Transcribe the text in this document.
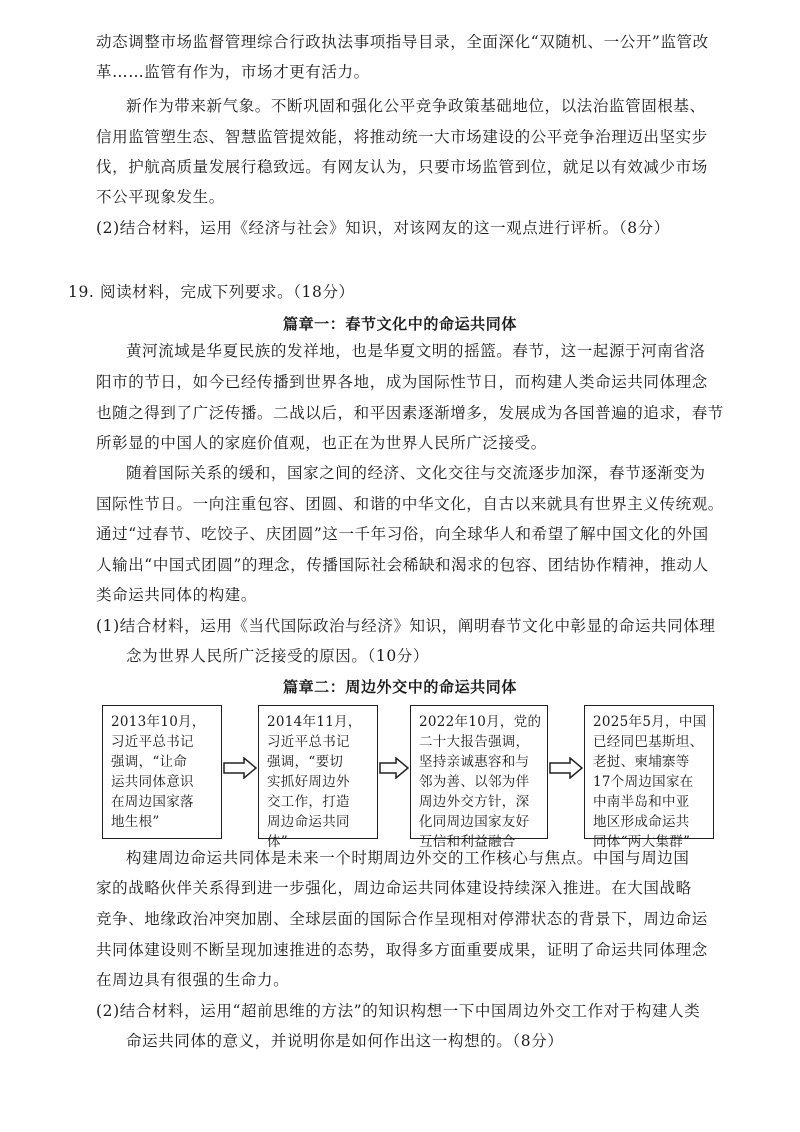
动态调整市场监督管理综合行政执法事项指导目录，全面深化“双随机、一公开”监管改
革……监管有作为，市场才更有活力。
新作为带来新气象。不断巩固和强化公平竞争政策基础地位，以法治监管固根基、
信用监管塑生态、智慧监管提效能，将推动统一大市场建设的公平竞争治理迈出坚实步
伐，护航高质量发展行稳致远。有网友认为，只要市场监管到位，就足以有效减少市场
不公平现象发生。
(2)结合材料，运用《经济与社会》知识，对该网友的这一观点进行评析。（8分）
19. 阅读材料，完成下列要求。（18分）
篇章一：春节文化中的命运共同体
黄河流域是华夏民族的发祥地，也是华夏文明的摇篮。春节，这一起源于河南省洛
阳市的节日，如今已经传播到世界各地，成为国际性节日，而构建人类命运共同体理念
也随之得到了广泛传播。二战以后，和平因素逐渐增多，发展成为各国普遍的追求，春节
所彰显的中国人的家庭价值观，也正在为世界人民所广泛接受。
随着国际关系的缓和，国家之间的经济、文化交往与交流逐步加深，春节逐渐变为
国际性节日。一向注重包容、团圆、和谐的中华文化，自古以来就具有世界主义传统观。
通过“过春节、吃饺子、庆团圆”这一千年习俗，向全球华人和希望了解中国文化的外国
人输出“中国式团圆”的理念，传播国际社会稀缺和渴求的包容、团结协作精神，推动人
类命运共同体的构建。
(1)结合材料，运用《当代国际政治与经济》知识，阐明春节文化中彰显的命运共同体理
念为世界人民所广泛接受的原因。（10分）
篇章二：周边外交中的命运共同体
2013年10月，
习近平总书记
强调，“让命
运共同体意识
在周边国家落
地生根”
2014年11月，
习近平总书记
强调，“要切
实抓好周边外
交工作，打造
周边命运共同
体”
2022年10月，党的
二十大报告强调，
坚持亲诚惠容和与
邻为善、以邻为伴
周边外交方针，深
化同周边国家友好
互信和利益融合
2025年5月，中国
已经同巴基斯坦、
老挝、柬埔寨等
17个周边国家在
中南半岛和中亚
地区形成命运共
同体“两大集群”
构建周边命运共同体是未来一个时期周边外交的工作核心与焦点。中国与周边国
家的战略伙伴关系得到进一步强化，周边命运共同体建设持续深入推进。在大国战略
竞争、地缘政治冲突加剧、全球层面的国际合作呈现相对停滞状态的背景下，周边命运
共同体建设则不断呈现加速推进的态势，取得多方面重要成果，证明了命运共同体理念
在周边具有很强的生命力。
(2)结合材料，运用“超前思维的方法”的知识构想一下中国周边外交工作对于构建人类
命运共同体的意义，并说明你是如何作出这一构想的。（8分）
